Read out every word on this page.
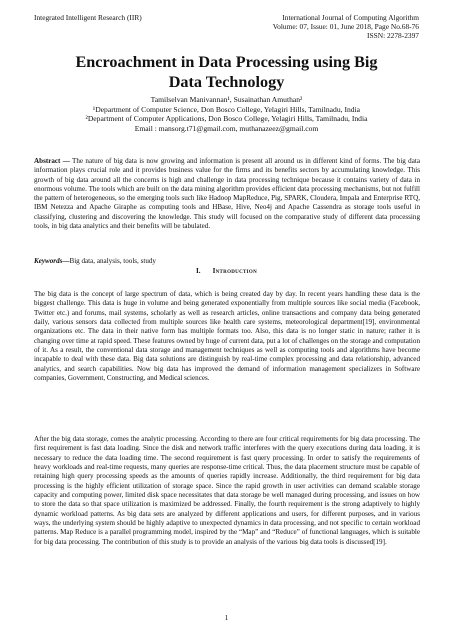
Integrated Intelligent Research (IIR)	International Journal of Computing Algorithm
Volume: 07, Issue: 01, June 2018, Page No.68-76
ISSN: 2278-2397
Encroachment in Data Processing using Big
Data Technology
Tamilselvan Manivannan¹, Susainathan Amuthan²
¹Department of Computer Science, Don Bosco College, Yelagiri Hills, Tamilnadu, India
²Department of Computer Applications, Don Bosco College, Yelagiri Hills, Tamilnadu, India
Email : mansorg.t71@gmail.com, muthanazeez@gmail.com
Abstract — The nature of big data is now growing and information is present all around us in different kind of forms. The big data information plays crucial role and it provides business value for the firms and its benefits sectors by accumulating knowledge. This growth of big data around all the concerns is high and challenge in data processing technique because it contains variety of data in enormous volume. The tools which are built on the data mining algorithm provides efficient data processing mechanisms, but not fulfill the pattern of heterogeneous, so the emerging tools such like Hadoop MapReduce, Pig, SPARK, Cloudera, Impala and Enterprise RTQ, IBM Netezza and Apache Giraphe as computing tools and HBase, Hive, Neo4j and Apache Cassendra as storage tools useful in classifying, clustering and discovering the knowledge. This study will focused on the comparative study of different data processing tools, in big data analytics and their benefits will be tabulated.
Keywords—Big data, analysis, tools, study
I. Introduction

The big data is the concept of large spectrum of data, which is being created day by day. In recent years handling these data is the biggest challenge. This data is huge in volume and being generated exponentially from multiple sources like social media (Facebook, Twitter etc.) and forums, mail systems, scholarly as well as research articles, online transactions and company data being generated daily, various sensors data collected from multiple sources like health care systems, meteorological department[19], environmental organizations etc. The data in their native form has multiple formats too. Also, this data is no longer static in nature; rather it is changing over time at rapid speed. These features owned by huge of current data, put a lot of challenges on the storage and computation of it. As a result, the conventional data storage and management techniques as well as computing tools and algorithms have become incapable to deal with these data. Big data solutions are distinguish by real-time complex processing and data relationship, advanced analytics, and search capabilities. Now big data has improved the demand of information management specializers in Software companies, Government, Constructing, and Medical sciences.

After the big data storage, comes the analytic processing. According to there are four critical requirements for big data processing. The first requirement is fast data loading. Since the disk and network traffic interferes with the query executions during data loading, it is necessary to reduce the data loading time. The second requirement is fast query processing. In order to satisfy the requirements of heavy workloads and real-time requests, many queries are response-time critical. Thus, the data placement structure must be capable of retaining high query processing speeds as the amounts of queries rapidly increase. Additionally, the third requirement for big data processing is the highly efficient utilization of storage space. Since the rapid growth in user activities can demand scalable storage capacity and computing power, limited disk space necessitates that data storage be well managed during processing, and issues on how to store the data so that space utilization is maximized be addressed. Finally, the fourth requirement is the strong adaptively to highly dynamic workload patterns. As big data sets are analyzed by different applications and users, for different purposes, and in various ways, the underlying system should be highly adaptive to unexpected dynamics in data processing, and not specific to certain workload patterns. Map Reduce is a parallel programming model, inspired by the “Map” and “Reduce” of functional languages, which is suitable for big data processing. The contribution of this study is to provide an analysis of the various big data tools is discussed[19].

1
